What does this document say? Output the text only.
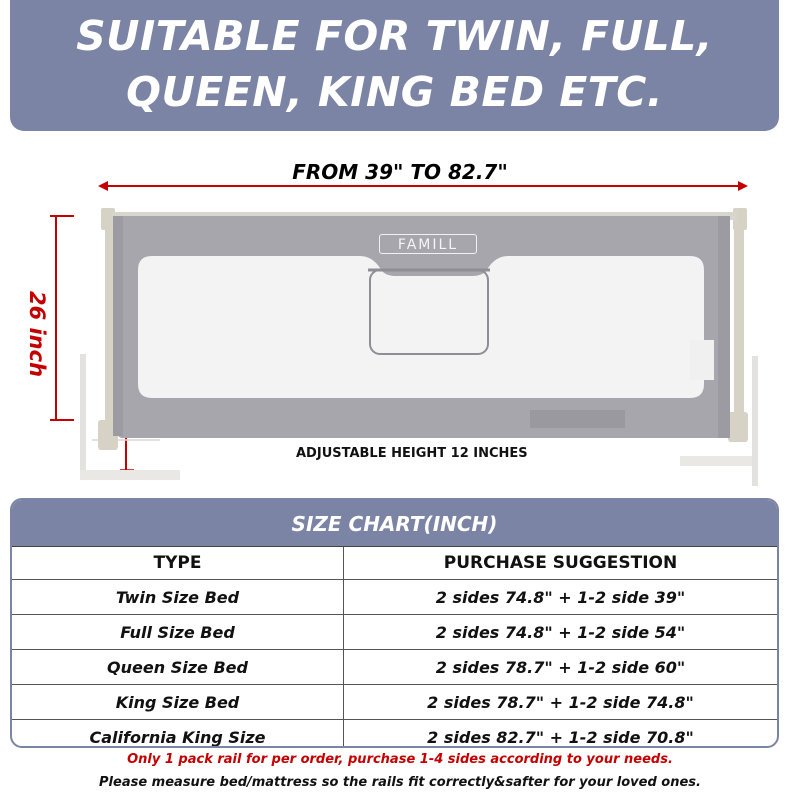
SUITABLE FOR TWIN, FULL,
QUEEN, KING BED ETC.
FAMILL
FROM 39" TO 82.7"
26 inch
ADJUSTABLE HEIGHT 12 INCHES
SIZE CHART(INCH)
TYPE	PURCHASE SUGGESTION
Twin Size Bed	2 sides 74.8" + 1-2 side 39"
Full Size Bed	2 sides 74.8" + 1-2 side 54"
Queen Size Bed	2 sides 78.7" + 1-2 side 60"
King Size Bed	2 sides 78.7" + 1-2 side 74.8"
California King Size	2 sides 82.7" + 1-2 side 70.8"
Only 1 pack rail for per order, purchase 1-4 sides according to your needs.
Please measure bed/mattress so the rails fit correctly&safter for your loved ones.
